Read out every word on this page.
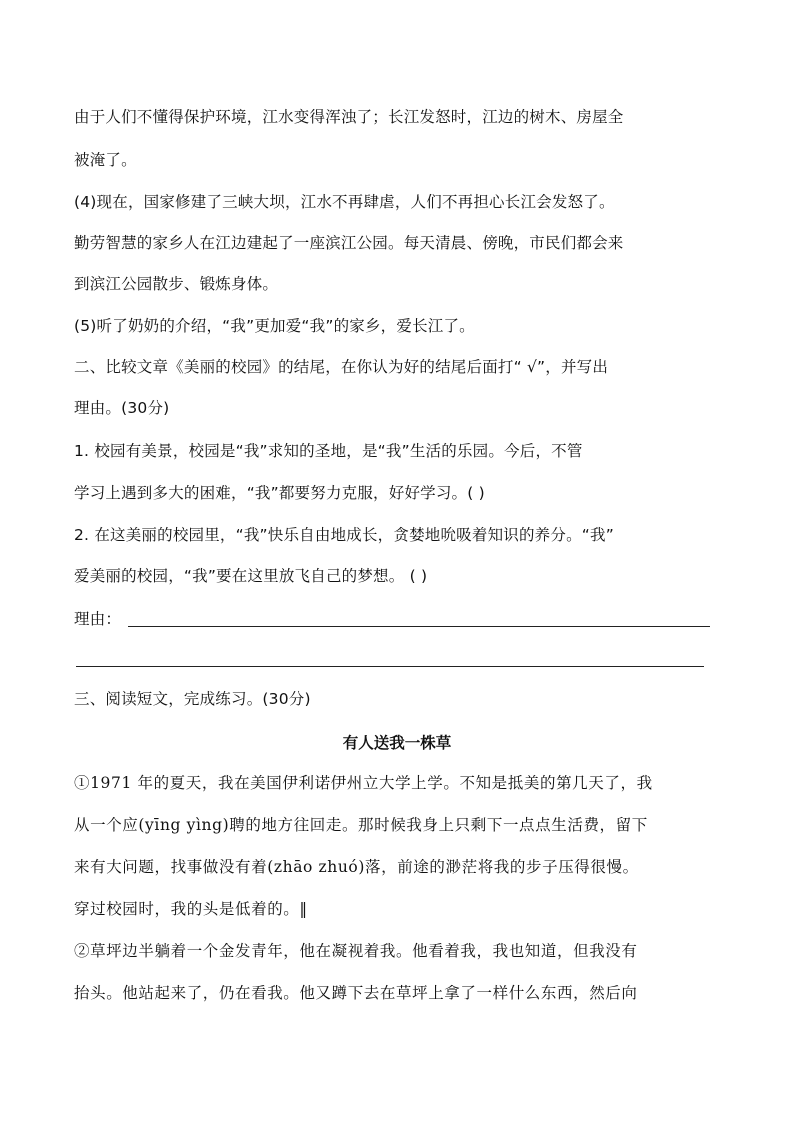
由于人们不懂得保护环境，江水变得浑浊了；长江发怒时，江边的树木、房屋全
被淹了。
(4)现在，国家修建了三峡大坝，江水不再肆虐，人们不再担心长江会发怒了。
勤劳智慧的家乡人在江边建起了一座滨江公园。每天清晨、傍晚，市民们都会来
到滨江公园散步、锻炼身体。
(5)听了奶奶的介绍，“我”更加爱“我”的家乡，爱长江了。
二、比较文章《美丽的校园》的结尾，在你认为好的结尾后面打“ √”，并写出
理由。(30分)
1. 校园有美景，校园是“我”求知的圣地，是“我”生活的乐园。今后，不管
学习上遇到多大的困难，“我”都要努力克服，好好学习。( )
2. 在这美丽的校园里，“我”快乐自由地成长，贪婪地吮吸着知识的养分。“我”
爱美丽的校园，“我”要在这里放飞自己的梦想。 ( )
理由：
三、阅读短文，完成练习。(30分)
有人送我一株草
①1971 年的夏天，我在美国伊利诺伊州立大学上学。不知是抵美的第几天了，我
从一个应(yīng yìng)聘的地方往回走。那时候我身上只剩下一点点生活费，留下
来有大问题，找事做没有着(zhāo zhuó)落，前途的渺茫将我的步子压得很慢。
穿过校园时，我的头是低着的。‖
②草坪边半躺着一个金发青年，他在凝视着我。他看着我，我也知道，但我没有
抬头。他站起来了，仍在看我。他又蹲下去在草坪上拿了一样什么东西，然后向
